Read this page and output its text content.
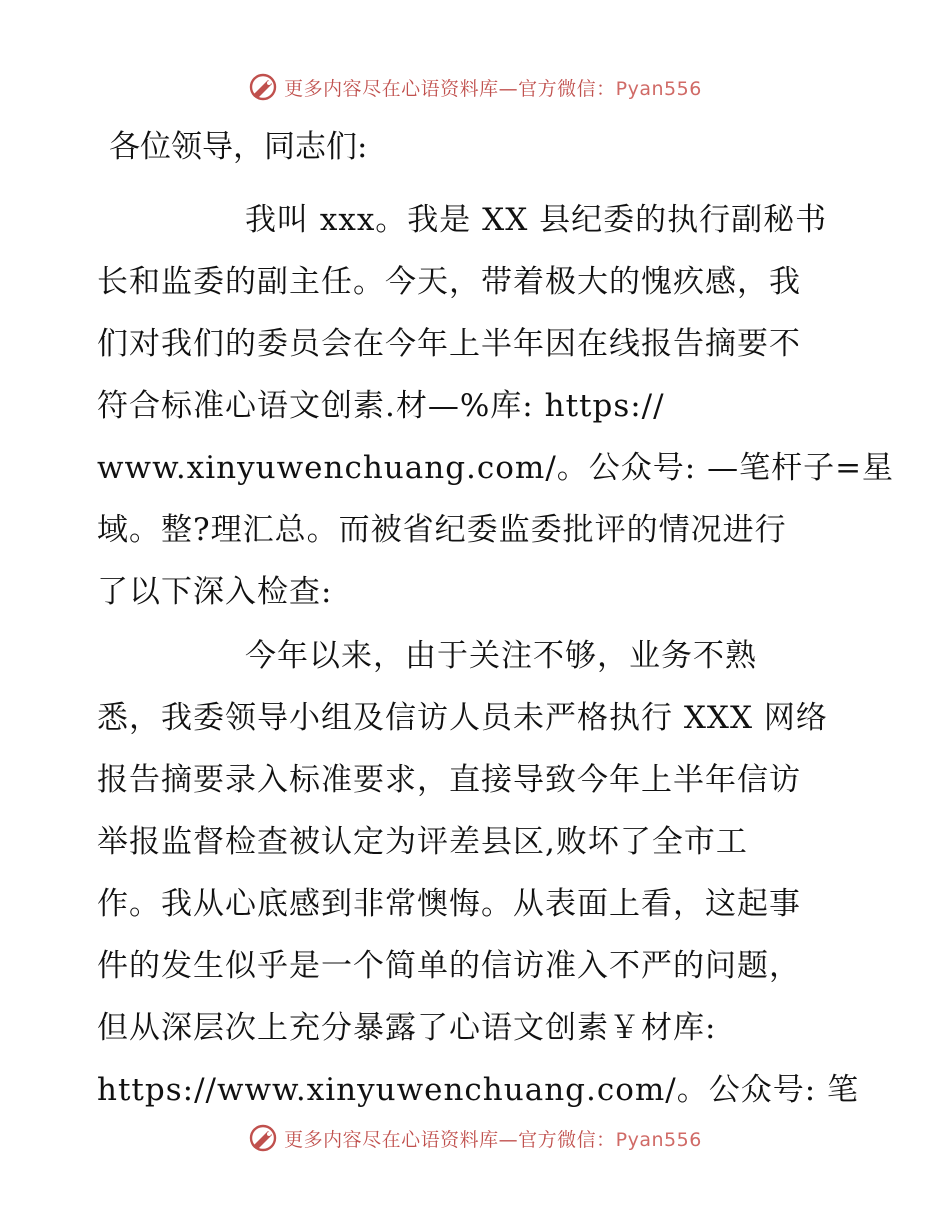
更多内容尽在心语资料库—官方微信：Pyan556
各位领导，同志们:
我叫 xxx。我是 XX 县纪委的执行副秘书
长和监委的副主任。今天，带着极大的愧疚感，我
们对我们的委员会在今年上半年因在线报告摘要不
符合标准心语文创素.材—%库: https://
www.xinyuwenchuang.com/。公众号: —笔杆子=星
域。整?理汇总。而被省纪委监委批评的情况进行
了以下深入检查:
今年以来，由于关注不够，业务不熟
悉，我委领导小组及信访人员未严格执行 XXX 网络
报告摘要录入标准要求，直接导致今年上半年信访
举报监督检查被认定为评差县区,败坏了全市工
作。我从心底感到非常懊悔。从表面上看，这起事
件的发生似乎是一个简单的信访准入不严的问题，
但从深层次上充分暴露了心语文创素￥材库:
https://www.xinyuwenchuang.com/。公众号: 笔
更多内容尽在心语资料库—官方微信：Pyan556
